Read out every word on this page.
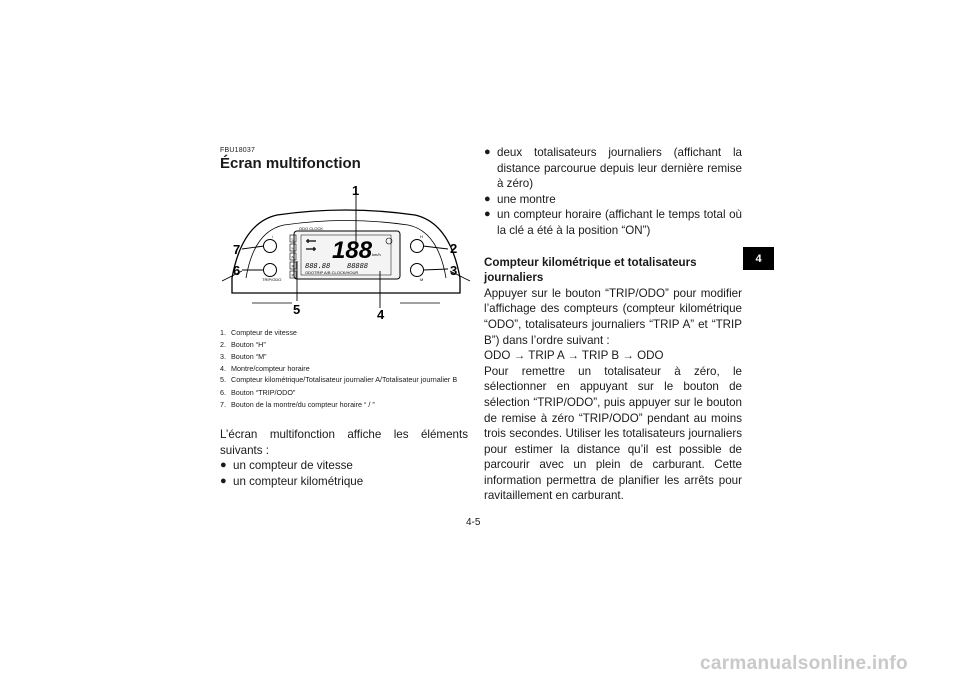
FBU18037
Écran multifonction
ODO CLOCK
L
H
N
R
P
188 km/h
888.88 88888
ODOTRIP A/B CLOCK/HOUR
/
TRIP/ODO
H
M
1
2
3
4
5
6
7
1. Compteur de vitesse
2. Bouton “H”
3. Bouton “M”
4. Montre/compteur horaire
5. Compteur kilométrique/Totalisateur journalier A/Totalisateur journalier B
6. Bouton “TRIP/ODO”
7. Bouton de la montre/du compteur horaire “ / ”

L’écran multifonction affiche les éléments suivants :

● un compteur de vitesse
● un compteur kilométrique
● deux totalisateurs journaliers (affichant la distance parcourue depuis leur dernière remise à zéro)
● une montre
● un compteur horaire (affichant le temps total où la clé a été à la position “ON”)
Compteur kilométrique et totalisateurs journaliers

Appuyer sur le bouton “TRIP/ODO” pour modifier l’affichage des compteurs (compteur kilométrique “ODO”, totalisateurs journaliers “TRIP A” et “TRIP B”) dans l’ordre suivant :

ODO → TRIP A → TRIP B → ODO

Pour remettre un totalisateur à zéro, le sélectionner en appuyant sur le bouton de sélection “TRIP/ODO”, puis appuyer sur le bouton de remise à zéro “TRIP/ODO” pendant au moins trois secondes. Utiliser les totalisateurs journaliers pour estimer la distance qu’il est possible de parcourir avec un plein de carburant. Cette information permettra de planifier les arrêts pour ravitaillement en carburant.

4
4-5
carmanualsonline.info
